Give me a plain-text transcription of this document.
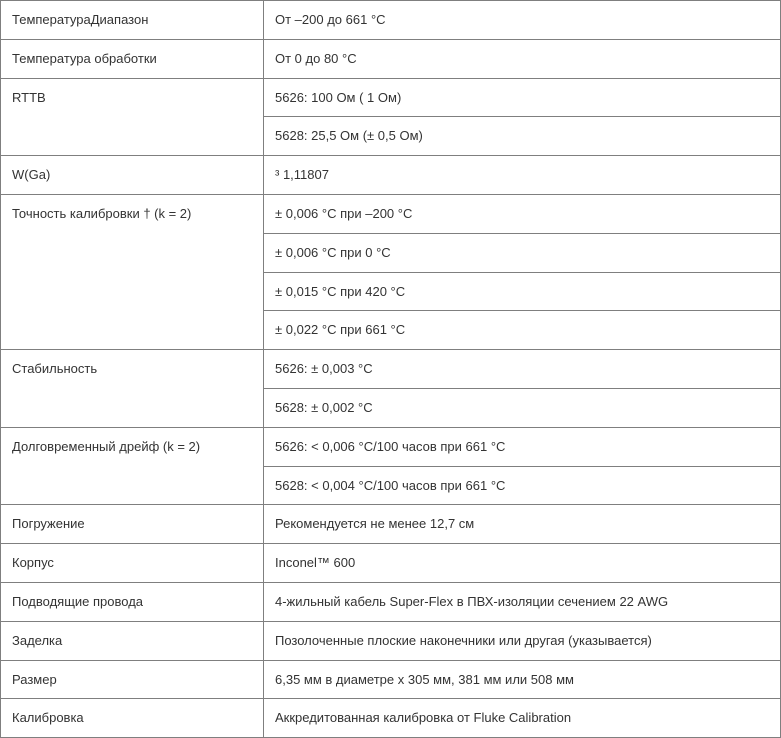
ТемператураДиапазон	От –200 до 661 °C

Температура обработки	От 0 до 80 °C

RTTB	5626: 100 Ом ( 1 Ом)

	5628: 25,5 Ом (± 0,5 Ом)

W(Ga)	³ 1,11807

Точность калибровки † (k = 2)	± 0,006 °C при –200 °C

	± 0,006 °C при 0 °C

	± 0,015 °C при 420 °C

	± 0,022 °C при 661 °C

Стабильность	5626: ± 0,003 °C

	5628: ± 0,002 °C

Долговременный дрейф (k = 2)	5626: < 0,006 °C/100 часов при 661 °C

	5628: < 0,004 °C/100 часов при 661 °C

Погружение	Рекомендуется не менее 12,7 см

Корпус	Inconel™ 600

Подводящие провода	4-жильный кабель Super-Flex в ПВХ-изоляции сечением 22 AWG

Заделка	Позолоченные плоские наконечники или другая (указывается)

Размер	6,35 мм в диаметре x 305 мм, 381 мм или 508 мм

Калибровка	Аккредитованная калибровка от Fluke Calibration
